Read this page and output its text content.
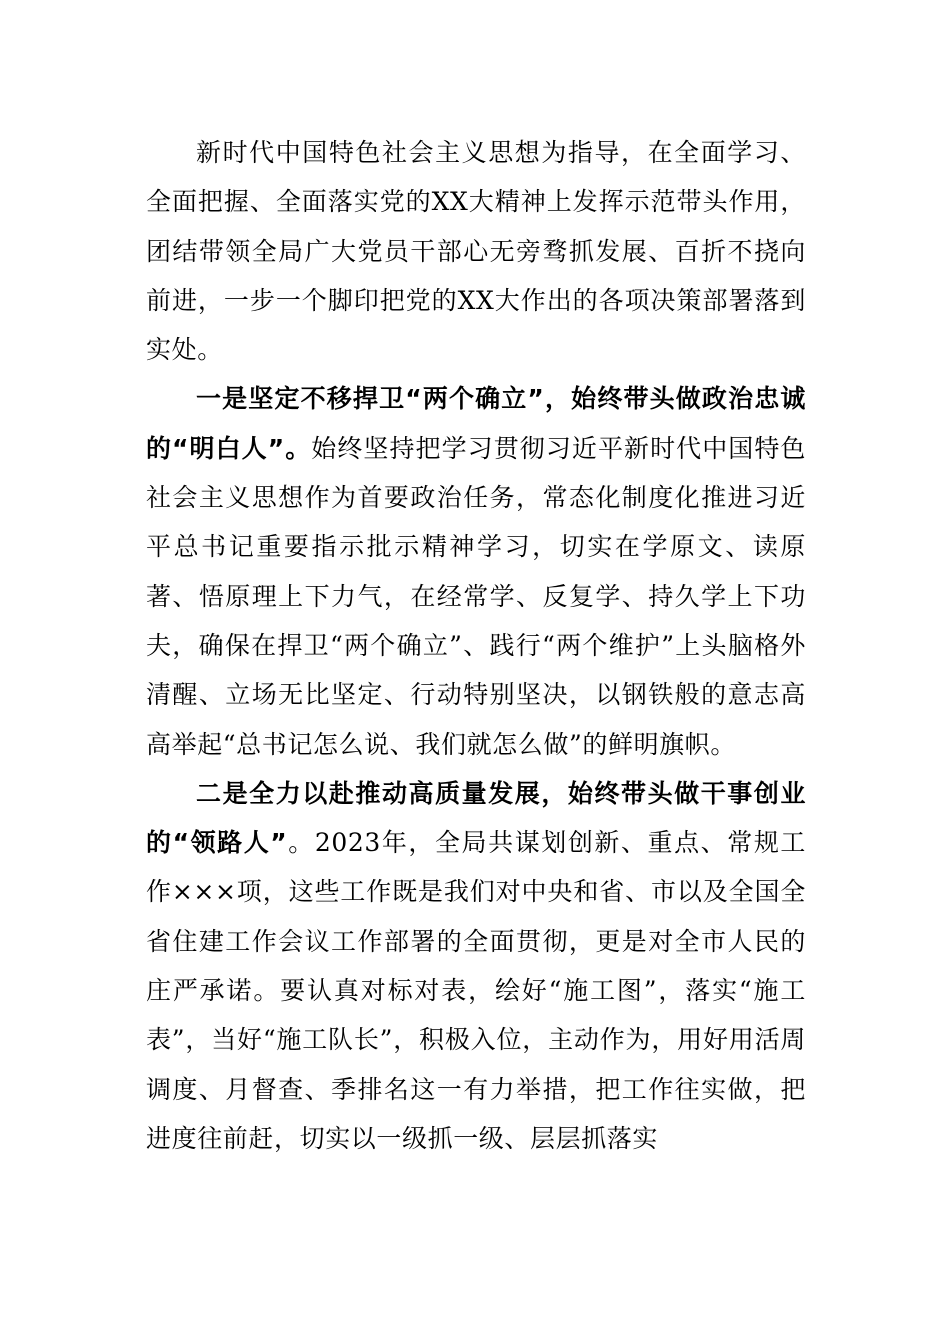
新时代中国特色社会主义思想为指导，在全面学习、全面把握、全面落实党的XX大精神上发挥示范带头作用，团结带领全局广大党员干部心无旁骛抓发展、百折不挠向前进，一步一个脚印把党的XX大作出的各项决策部署落到实处。

一是坚定不移捍卫“两个确立”，始终带头做政治忠诚的“明白人”。始终坚持把学习贯彻习近平新时代中国特色社会主义思想作为首要政治任务，常态化制度化推进习近平总书记重要指示批示精神学习，切实在学原文、读原著、悟原理上下力气，在经常学、反复学、持久学上下功夫，确保在捍卫“两个确立”、践行“两个维护”上头脑格外清醒、立场无比坚定、行动特别坚决，以钢铁般的意志高高举起“总书记怎么说、我们就怎么做”的鲜明旗帜。

二是全力以赴推动高质量发展，始终带头做干事创业的“领路人”。2023年，全局共谋划创新、重点、常规工作×××项，这些工作既是我们对中央和省、市以及全国全省住建工作会议工作部署的全面贯彻，更是对全市人民的庄严承诺。要认真对标对表，绘好“施工图”，落实“施工表”，当好“施工队长”，积极入位，主动作为，用好用活周调度、月督查、季排名这一有力举措，把工作往实做，把进度往前赶，切实以一级抓一级、层层抓落实
